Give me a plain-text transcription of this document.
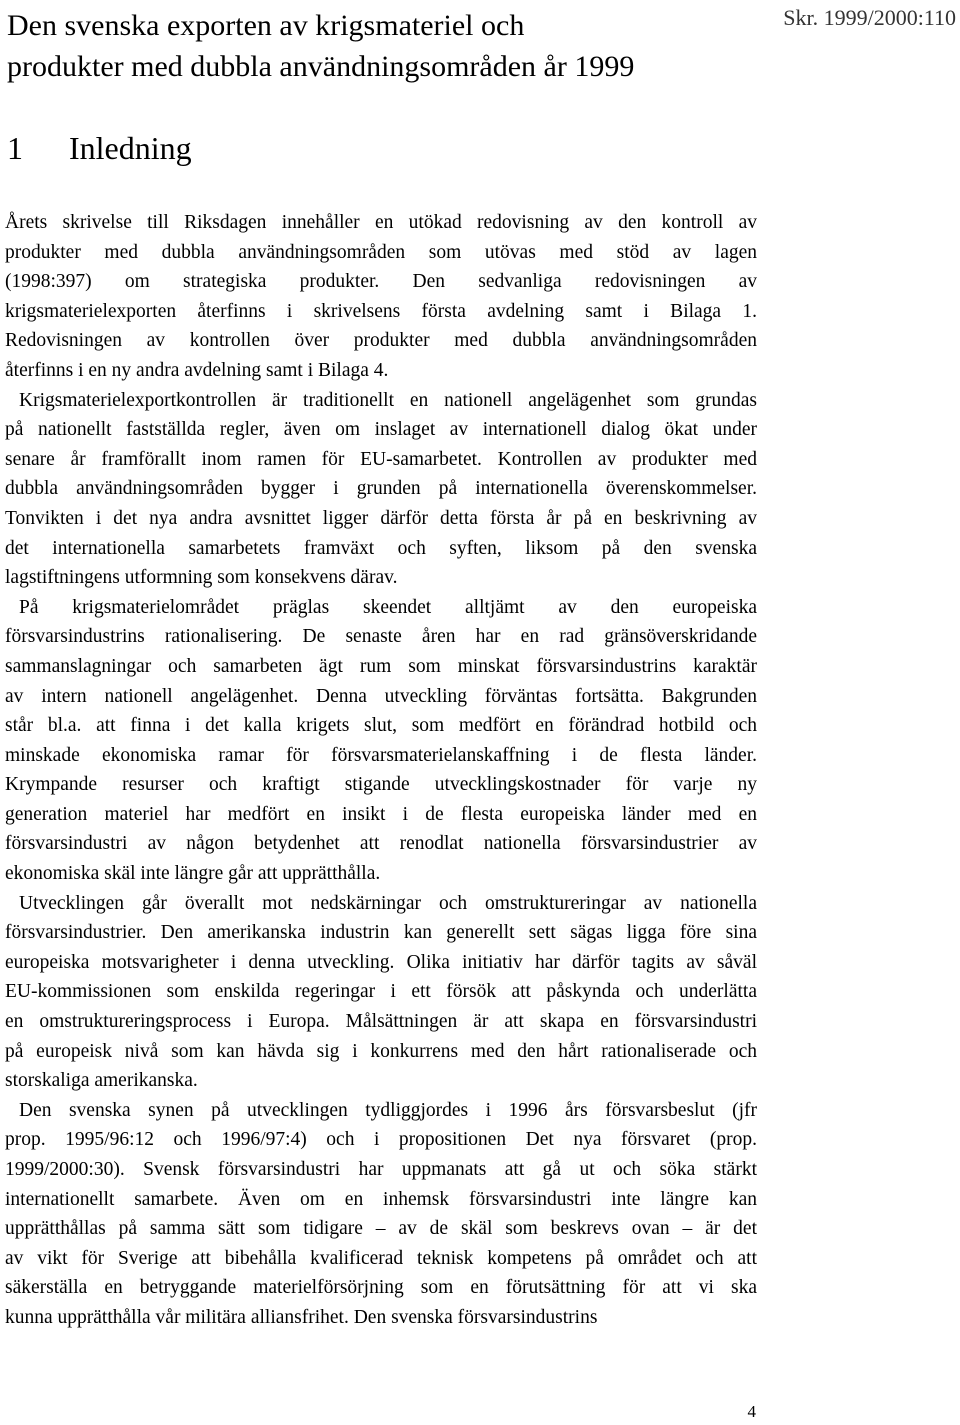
Den svenska exporten av krigsmateriel och
produkter med dubbla användningsområden år 1999
Skr. 1999/2000:110
1 Inledning
Årets skrivelse till Riksdagen innehåller en utökad redovisning av den kontroll av
produkter med dubbla användningsområden som utövas med stöd av lagen
(1998:397) om strategiska produkter. Den sedvanliga redovisningen av
krigsmaterielexporten återfinns i skrivelsens första avdelning samt i Bilaga 1.
Redovisningen av kontrollen över produkter med dubbla användningsområden
återfinns i en ny andra avdelning samt i Bilaga 4.
Krigsmaterielexportkontrollen är traditionellt en nationell angelägenhet som grundas
på nationellt fastställda regler, även om inslaget av internationell dialog ökat under
senare år framförallt inom ramen för EU-samarbetet. Kontrollen av produkter med
dubbla användningsområden bygger i grunden på internationella överenskommelser.
Tonvikten i det nya andra avsnittet ligger därför detta första år på en beskrivning av
det internationella samarbetets framväxt och syften, liksom på den svenska
lagstiftningens utformning som konsekvens därav.
På krigsmaterielområdet präglas skeendet alltjämt av den europeiska
försvarsindustrins rationalisering. De senaste åren har en rad gränsöverskridande
sammanslagningar och samarbeten ägt rum som minskat försvarsindustrins karaktär
av intern nationell angelägenhet. Denna utveckling förväntas fortsätta. Bakgrunden
står bl.a. att finna i det kalla krigets slut, som medfört en förändrad hotbild och
minskade ekonomiska ramar för försvarsmaterielanskaffning i de flesta länder.
Krympande resurser och kraftigt stigande utvecklingskostnader för varje ny
generation materiel har medfört en insikt i de flesta europeiska länder med en
försvarsindustri av någon betydenhet att renodlat nationella försvarsindustrier av
ekonomiska skäl inte längre går att upprätthålla.
Utvecklingen går överallt mot nedskärningar och omstruktureringar av nationella
försvarsindustrier. Den amerikanska industrin kan generellt sett sägas ligga före sina
europeiska motsvarigheter i denna utveckling. Olika initiativ har därför tagits av såväl
EU-kommissionen som enskilda regeringar i ett försök att påskynda och underlätta
en omstruktureringsprocess i Europa. Målsättningen är att skapa en försvarsindustri
på europeisk nivå som kan hävda sig i konkurrens med den hårt rationaliserade och
storskaliga amerikanska.
Den svenska synen på utvecklingen tydliggjordes i 1996 års försvarsbeslut (jfr
prop. 1995/96:12 och 1996/97:4) och i propositionen Det nya försvaret (prop.
1999/2000:30). Svensk försvarsindustri har uppmanats att gå ut och söka stärkt
internationellt samarbete. Även om en inhemsk försvarsindustri inte längre kan
upprätthållas på samma sätt som tidigare – av de skäl som beskrevs ovan – är det
av vikt för Sverige att bibehålla kvalificerad teknisk kompetens på området och att
säkerställa en betryggande materielförsörjning som en förutsättning för att vi ska
kunna upprätthålla vår militära alliansfrihet. Den svenska försvarsindustrins
4
